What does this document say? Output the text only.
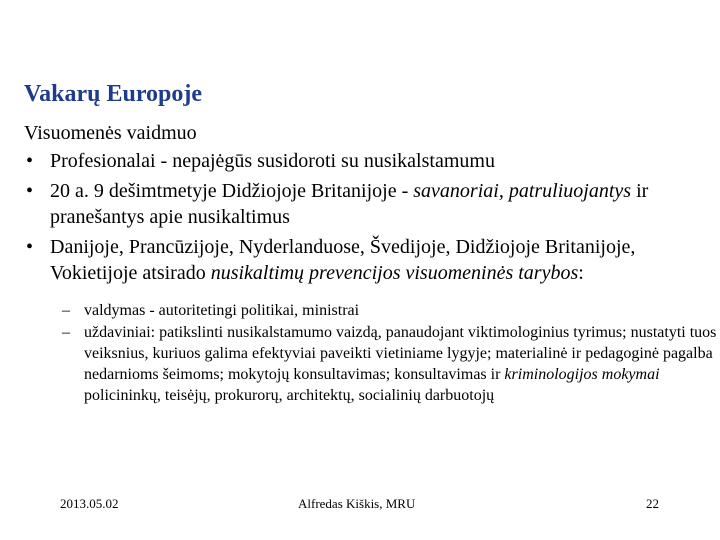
Vakarų Europoje

Visuomenės vaidmuo

• Profesionalai - nepajėgūs susidoroti su nusikalstamumu
• 20 a. 9 dešimtmetyje Didžiojoje Britanijoje - savanoriai, patruliuojantys ir pranešantys apie nusikaltimus
• Danijoje, Prancūzijoje, Nyderlanduose, Švedijoje, Didžiojoje Britanijoje, Vokietijoje atsirado nusikaltimų prevencijos visuomeninės tarybos:
– valdymas - autoritetingi politikai, ministrai
– uždaviniai: patikslinti nusikalstamumo vaizdą, panaudojant viktimologinius tyrimus; nustatyti tuos veiksnius, kuriuos galima efektyviai paveikti vietiniame lygyje; materialinė ir pedagoginė pagalba nedarnioms šeimoms; mokytojų konsultavimas; konsultavimas ir kriminologijos mokymai policininkų, teisėjų, prokurorų, architektų, socialinių darbuotojų
2013.05.02	Alfredas Kiškis, MRU	22
